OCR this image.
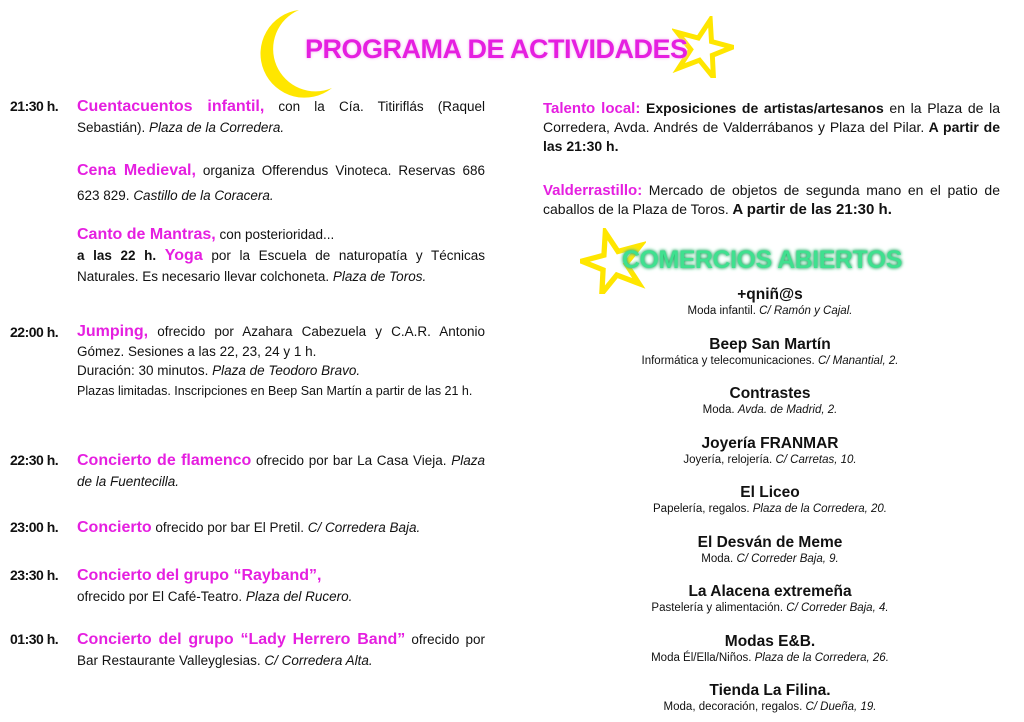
PROGRAMA DE ACTIVIDADES
21:30 h. Cuentacuentos infantil, con la Cía. Titiriflás (Raquel Sebastián). Plaza de la Corredera.
Cena Medieval, organiza Offerendus Vinoteca. Reservas 686 623 829. Castillo de la Coracera.
Canto de Mantras, con posterioridad...
a las 22 h. Yoga por la Escuela de naturopatía y Técnicas Naturales. Es necesario llevar colchoneta. Plaza de Toros.
22:00 h. Jumping, ofrecido por Azahara Cabezuela y C.A.R. Antonio Gómez. Sesiones a las 22, 23, 24 y 1 h.
Duración: 30 minutos. Plaza de Teodoro Bravo.
Plazas limitadas. Inscripciones en Beep San Martín a partir de las 21 h.
22:30 h. Concierto de flamenco ofrecido por bar La Casa Vieja. Plaza de la Fuentecilla.
23:00 h. Concierto ofrecido por bar El Pretil. C/ Corredera Baja.
23:30 h. Concierto del grupo “Rayband”,
ofrecido por El Café-Teatro. Plaza del Rucero.
01:30 h. Concierto del grupo “Lady Herrero Band” ofrecido por Bar Restaurante Valleyglesias. C/ Corredera Alta.
Talento local: Exposiciones de artistas/artesanos en la Plaza de la Corredera, Avda. Andrés de Valderrábanos y Plaza del Pilar. A partir de las 21:30 h.
Valderrastillo: Mercado de objetos de segunda mano en el patio de caballos de la Plaza de Toros. A partir de las 21:30 h.
COMERCIOS ABIERTOS
+qniñ@s
Moda infantil. C/ Ramón y Cajal.
Beep San Martín
Informática y telecomunicaciones. C/ Manantial, 2.
Contrastes
Moda. Avda. de Madrid, 2.
Joyería FRANMAR
Joyería, relojería. C/ Carretas, 10.
El Liceo
Papelería, regalos. Plaza de la Corredera, 20.
El Desván de Meme
Moda. C/ Correder Baja, 9.
La Alacena extremeña
Pastelería y alimentación. C/ Correder Baja, 4.
Modas E&B.
Moda Él/Ella/Niños. Plaza de la Corredera, 26.
Tienda La Filina.
Moda, decoración, regalos. C/ Dueña, 19.
